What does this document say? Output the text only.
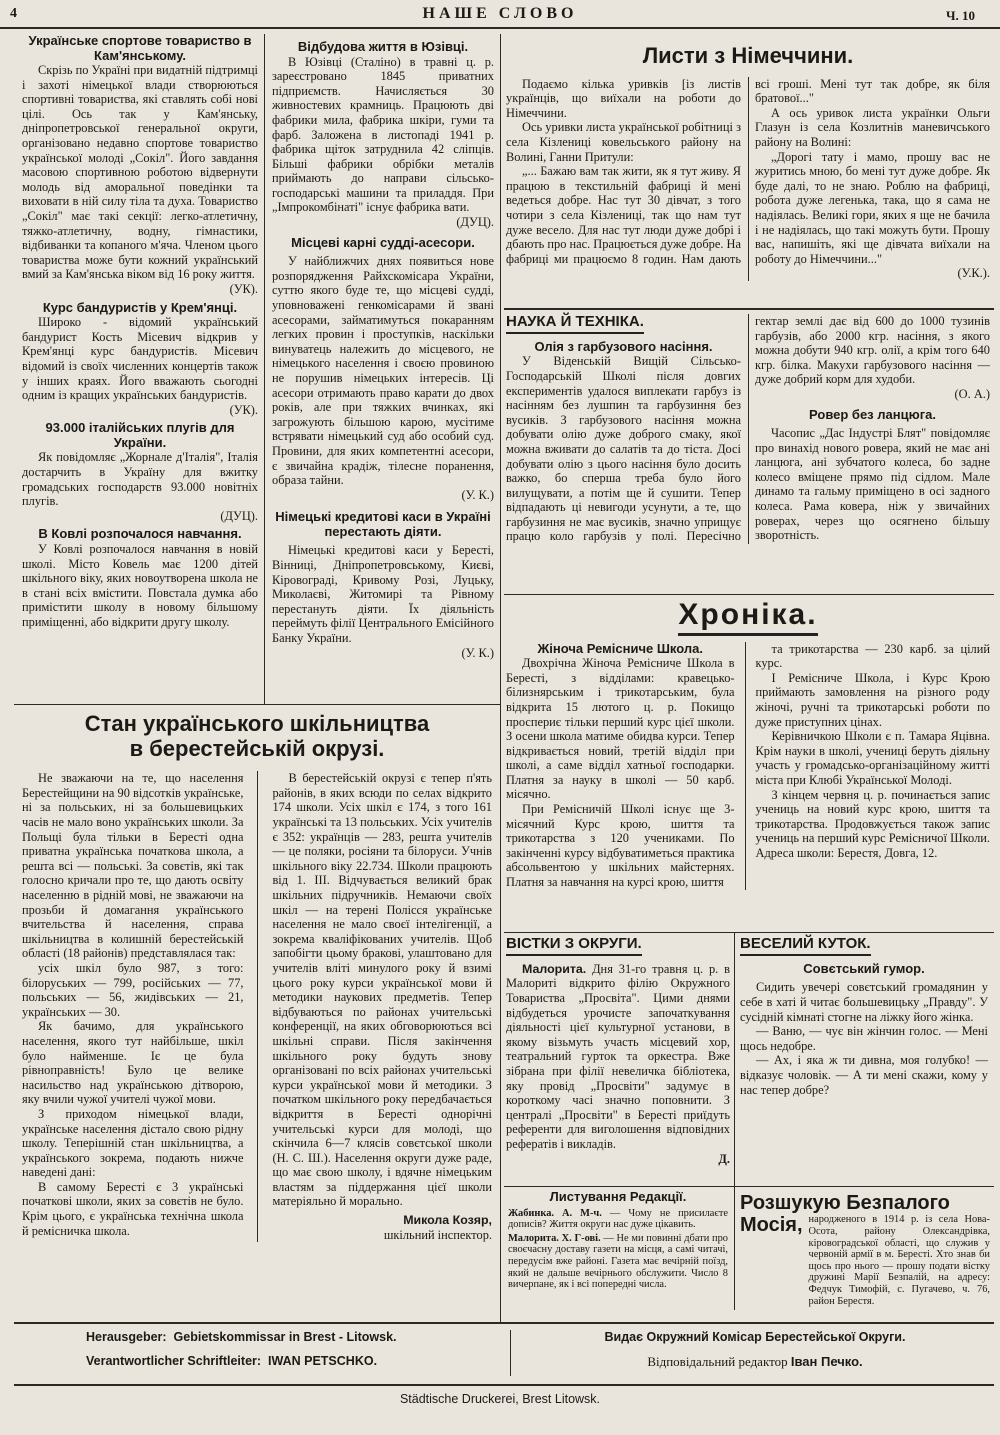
4	НАШЕ СЛОВО	Ч. 10
Українське спортове товариство в Кам'янському.

Скрізь по Україні при видатній підтримці і захоті німецької влади створюються спортивні товариства, які ставлять собі нові цілі. Ось так у Кам'янську, дніпропетровської генеральної округи, організовано недавно спортове товариство української молоді „Сокіл". Його завдання масовою спортивною роботою відвернути молодь від аморальної поведінки та виховати в ній силу тіла та духа. Товариство „Сокіл" має такі секції: легко-атлетичну, тяжко-атлетичну, водну, гімнастики, відбиванки та копаного м'яча. Членом цього товариства може бути кожний український вмий за Кам'янська віком від 16 року життя.

(УК).

Курс бандуристів у Крем'янці.

Широко - відомий український бандурист Кость Місевич відкрив у Крем'янці курс бандуристів. Місевич відомий із своїх численних концертів також у інших краях. Його вважають сьогодні одним із кращих українських бандуристів.

(УК).

93.000 італійських плугів для України.

Як повідомляє „Жорнале д'Італія", Італія достарчить в Україну для вжитку громадських господарств 93.000 новітніх плугів.

(ДУЦ).

В Ковлі розпочалося навчання.

У Ковлі розпочалося навчання в новій школі. Місто Ковель має 1200 дітей шкільного віку, яких новоутворена школа не в стані всіх вмістити. Повстала думка або примістити школу в новому більшому приміщенні, або відкрити другу школу.

Відбудова життя в Юзівці.

В Юзівці (Сталіно) в травні ц. р. зареєстровано 1845 приватних підприємств. Начисляється 30 живностевих крамниць. Працюють дві фабрики мила, фабрика шкіри, гуми та фарб. Заложена в листопаді 1941 р. фабрика щіток затруднила 42 сліпців. Більші фабрики обрібки металів приймають до направи сільсько-господарські машини та приладдя. При „Імпрокомбінаті" існує фабрика вати.

(ДУЦ).

Місцеві карні судді-асесори.

У найближчих днях появиться нове розпорядження Райхскомісара України, суттю якого буде те, що місцеві судді, уповноважені генкомісарами й звані асесорами, займатимуться покаранням легких провин і проступків, наскільки винуватець належить до місцевого, не німецького населення і своєю провиною не порушив німецьких інтересів. Ці асесори отримають право карати до двох років, але при тяжких вчинках, які загрожують більшою карою, мусітиме встрявати німецький суд або особий суд. Провини, для яких компетентні асесори, є звичайна крадіж, тілесне поранення, образа тайни.

(У. К.)

Німецькі кредитові каси в Україні перестають діяти.

Німецькі кредитові каси у Бересті, Вінниці, Дніпропетровському, Києві, Кіровограді, Кривому Розі, Луцьку, Миколаєві, Житомирі та Рівному перестануть діяти. Їх діяльність переймуть філії Центрального Емісійного Банку України.

(У. К.)

Листи з Німеччини.

Подаємо кілька уривків [із листів українців, що виїхали на роботи до Німеччини.

Ось уривки листа української робітниці з села Кізлениці ковельського району на Волині, Ганни Притули:

„... Бажаю вам так жити, як я тут живу. Я працюю в текстильній фабриці й мені ведеться добре. Нас тут 30 дівчат, з того чотири з села Кізлениці, так що нам тут дуже весело. Для нас тут люди дуже добрі і дбають про нас. Працюється дуже добре. На фабриці ми працюємо 8 годин. Нам дають всі гроші. Мені тут так добре, як біля братової..."

А ось уривок листа українки Ольги Глазун із села Козлитнів маневичського району на Волині:

„Дорогі тату і мамо, прошу вас не журитись мною, бо мені тут дуже добре. Як буде далі, то не знаю. Роблю на фабриці, робота дуже легенька, така, що я сама не надіялась. Великі гори, яких я ще не бачила і не надіялась, що такі можуть бути. Прошу вас, напишіть, які ще дівчата виїхали на роботу до Німеччини..."

(У.К.).

НАУКА Й ТЕХНІКА.
Олія з гарбузового насіння.

У Віденській Вищій Сільсько-Господарській Школі після довгих експериментів удалося виплекати гарбуз із насінням без лушпин та гарбузиння без вусиків. З гарбузового насіння можна добувати олію дуже доброго смаку, якої можна вживати до салатів та до тіста. Досі добувати олію з цього насіння було досить важко, бо сперша треба було його вилущувати, а потім ще й сушити. Тепер відпадають ці невигоди усунути, а те, що гарбузиння не має вусиків, значно уприщує працю коло гарбузів у полі. Пересічно гектар землі дає від 600 до 1000 тузинів гарбузів, або 2000 кгр. насіння, з якого можна добути 940 кгр. олії, а крім того 640 кгр. білка. Макухи гарбузового насіння — дуже добрий корм для худоби.

(О. А.)

Ровер без ланцюга.

Часопис „Дас Індустрі Блят" повідомляє про винахід нового ровера, який не має ані ланцюга, ані зубчатого колеса, бо задне колесо вміщене прямо під сідлом. Мале динамо та гальму приміщено в осі задного колеса. Рама ковера, ніж у звичайних роверах, через що осягнено більшу зворотність.

Стан українського шкільництва
в берестейській окрузі.

Не зважаючи на те, що населення Берестейщини на 90 відсотків українське, ні за польських, ні за большевицьких часів не мало воно українських школи. За Польщі була тільки в Бересті одна приватна українська початкова школа, а решта всі — польські. За совєтів, які так голосно кричали про те, що дають освіту населенню в рідній мові, не зважаючи на прозьби й домагання українського вчительства й населення, справа шкільництва в колишній берестейській області (18 районів) представлялася так:

усіх шкіл було 987, з того: білоруських — 799, російських — 77, польських — 56, жидівських — 21, українських — 30.

Як бачимо, для українського населення, якого тут найбільше, шкіл було найменше. Іє це була рівноправність! Було це велике насильство над українською дітворою, яку вчили чужої учителі чужої мови.

З приходом німецької влади, українське населення дістало свою рідну школу. Теперішній стан шкільництва, а українського зокрема, подають нижче наведені дані:

В самому Бересті є 3 українські початкові школи, яких за совєтів не було. Крім цього, є українська технічна школа й ремісничка школа.

В берестейській окрузі є тепер п'ять районів, в яких всюди по селах відкрито 174 школи. Усіх шкіл є 174, з того 161 українські та 13 польських. Усіх учителів є 352: українців — 283, решта учителів — це поляки, росіяни та білоруси. Учнів шкільного віку 22.734. Школи працюють від 1. ІІІ. Відчувається великий брак шкільних підручників. Немаючи своїх шкіл — на терені Полісся українське населення не мало своєї інтелігенції, а зокрема кваліфікованих учителів. Щоб запобігти цьому бракові, улаштовано для учителів вліті минулого року й взимі цього року курси української мови й методики наукових предметів. Тепер відбуваються по районах учительські конференції, на яких обговорюються всі шкільні справи. Після закінчення шкільного року будуть знову організовані по всіх районах учительські курси української мови й методики. З початком шкільного року передбачається відкриття в Бересті однорічні учительські курси для молоді, що скінчила 6—7 клясів совєтської школи (Н. С. Ш.). Населення округи дуже раде, що має свою школу, і вдячне німецьким властям за піддержання цієї школи матеріяльно й морально.

Микола Козяр,

шкільний інспектор.

Хроніка.
Жіноча Ремісниче Школа.

Двохрічна Жіноча Ремісниче Школа в Бересті, з відділами: кравецько-білизнярським і трикотарським, була відкрита 15 лютого ц. р. Покищо проспериє тільки перший курс цієї школи. З осени школа матиме обидва курси. Тепер відкривається новий, третій відділ при школі, а саме відділ хатньої господарки. Платня за науку в школі — 50 карб. місячно.

При Ремісничій Школі існує ще 3-місячний Курс крою, шиття та трикотарства з 120 учениками. По закінченні курсу відбуватиметься практика абсольвентою у шкільних майстернях. Платня за навчання на курсі крою, шиття

та трикотарства — 230 карб. за цілий курс.

І Ремісниче Школа, і Курс Крою приймають замовлення на різного роду жіночі, ручні та трикотарські роботи по дуже приступних цінах.

Керівничкою Школи є п. Тамара Яцівна. Крім науки в школі, учениці беруть діяльну участь у громадсько-організаційному житті міста при Клюбі Української Молоді.

З кінцем червня ц. р. починається запис учениць на новий курс крою, шиття та трикотарства. Продовжується також запис учениць на перший курс Ремісничої Школи. Адреса школи: Берестя, Довга, 12.

ВІСТКИ З ОКРУГИ.

Малорита. Дня 31-го травня ц. р. в Малориті відкрито філію Окружного Товариства „Просвіта". Цими днями відбудеться урочисте започаткування діяльності цієї культурної установи, в якому візьмуть участь місцевий хор, театральний гурток та оркестра. Вже зібрана при філії невеличка бібліотека, яку провід „Просвіти" задумує в короткому часі значно поповнити. З централі „Просвіти" в Бересті приїдуть референти для виголошення відповідних рефератів і викладів.

Д.

ВЕСЕЛИЙ КУТОК.
Совєтський гумор.

Сидить увечері совєтський громадянин у себе в хаті й читає большевицьку „Правду". У сусідній кімнаті стогне на ліжку його жінка.

— Ваню, — чує він жінчин голос. — Мені щось недобре.

— Ах, і яка ж ти дивна, моя голубко! — відказує чоловік. — А ти мені скажи, кому у нас тепер добре?

Листування Редакції.

Жабинка. А. М-ч. — Чому не присилаєте дописів? Життя округи нас дуже цікавить.

Малорита. Х. Г-ові. — Не ми повинні дбати про своєчасну доставу газети на місця, а самі читачі, передусім вже районі. Газета має вечірній поїзд, який не дальше вечірнього обслужити. Число 8 вичерпане, як і всі попередні числа.

Розшукую Безпалого
Мосія, народженого в 1914 р. із села Нова-Осота, району Олександрівка, кіровоградської області, що служив у червоній армії в м. Бересті. Хто знав би щось про нього — прошу подати вістку дружині Марії Безпалій, на адресу: Федчук Тимофій, с. Пугачево, ч. 76, район Берестя.

Herausgeber: Gebietskommissar in Brest - Litowsk.
Verantwortlicher Schriftleiter: IWAN PETSCHKO.
Видає Окружний Комісар Берестейської Округи.
Відповідальний редактор Іван Печко.
Städtische Druckerei, Brest Litowsk.
